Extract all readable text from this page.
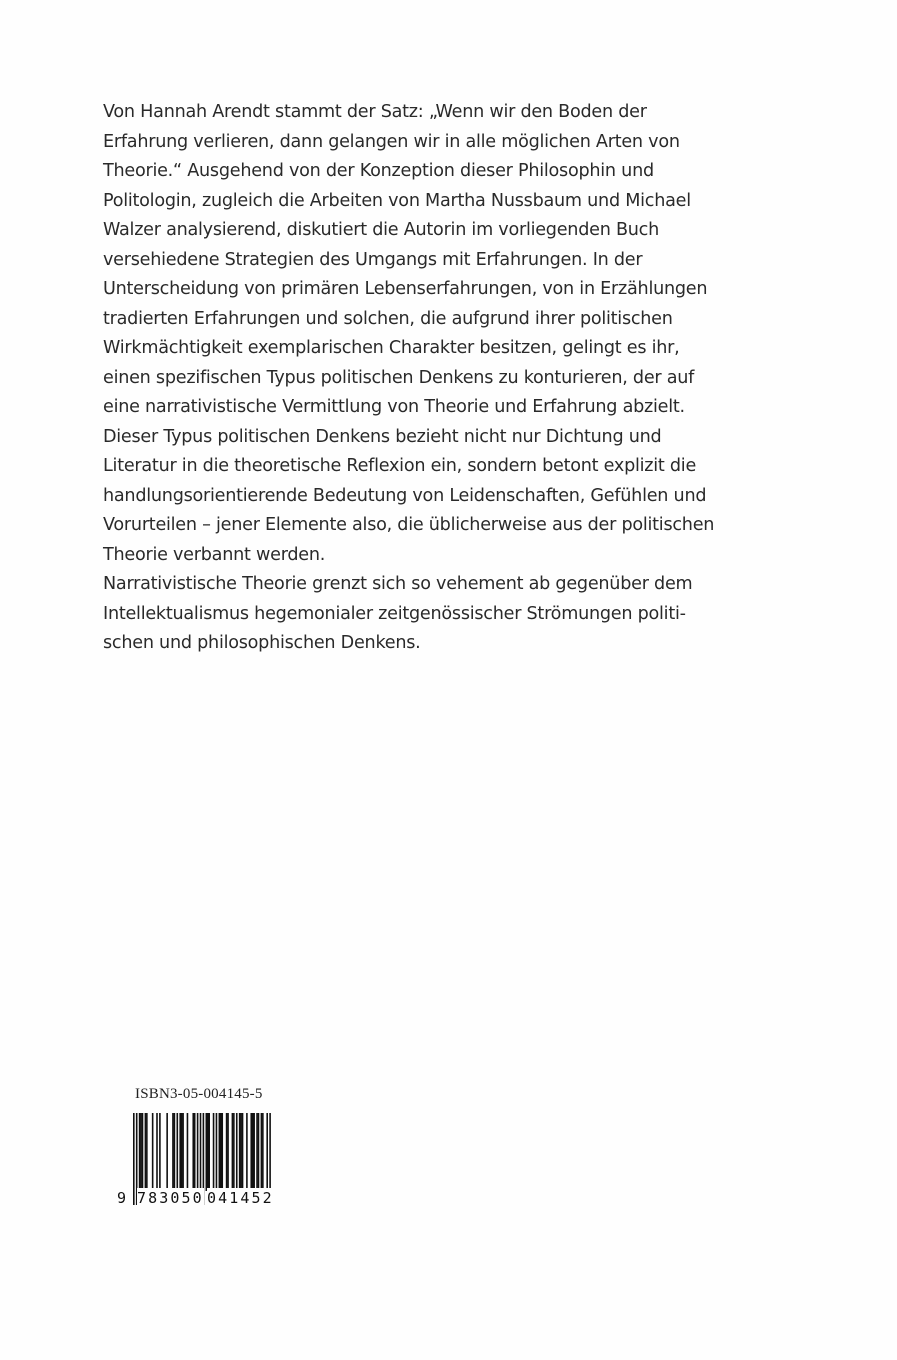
Von Hannah Arendt stammt der Satz: „Wenn wir den Boden der
Erfahrung verlieren, dann gelangen wir in alle möglichen Arten von
Theorie.“ Ausgehend von der Konzeption dieser Philosophin und
Politologin, zugleich die Arbeiten von Martha Nussbaum und Michael
Walzer analysierend, diskutiert die Autorin im vorliegenden Buch
versehiedene Strategien des Umgangs mit Erfahrungen. In der
Unterscheidung von primären Lebenserfahrungen, von in Erzählungen
tradierten Erfahrungen und solchen, die aufgrund ihrer politischen
Wirkmächtigkeit exemplarischen Charakter besitzen, gelingt es ihr,
einen spezifischen Typus politischen Denkens zu konturieren, der auf
eine narrativistische Vermittlung von Theorie und Erfahrung abzielt.
Dieser Typus politischen Denkens bezieht nicht nur Dichtung und
Literatur in die theoretische Reflexion ein, sondern betont explizit die
handlungsorientierende Bedeutung von Leidenschaften, Gefühlen und
Vorurteilen – jener Elemente also, die üblicherweise aus der politischen
Theorie verbannt werden.
Narrativistische Theorie grenzt sich so vehement ab gegenüber dem
Intellektualismus hegemonialer zeitgenössischer Strömungen politi-
schen und philosophischen Denkens.
ISBN3-05-004145-5
9 783050 041452
